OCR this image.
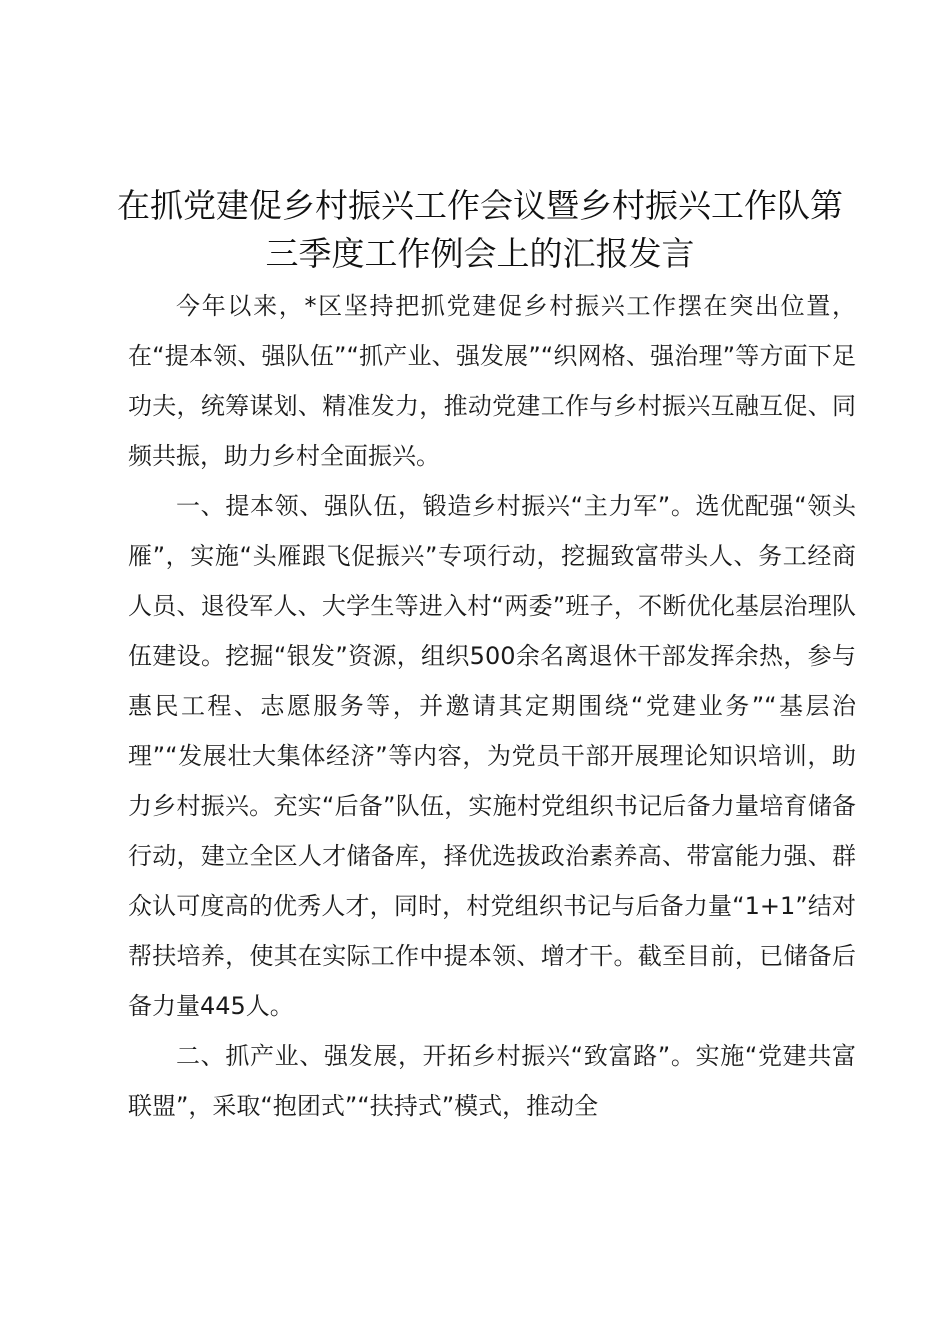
在抓党建促乡村振兴工作会议暨乡村振兴工作队第三季度工作例会上的汇报发言

今年以来，*区坚持把抓党建促乡村振兴工作摆在突出位置，在“提本领、强队伍”“抓产业、强发展”“织网格、强治理”等方面下足功夫，统筹谋划、精准发力，推动党建工作与乡村振兴互融互促、同频共振，助力乡村全面振兴。

一、提本领、强队伍，锻造乡村振兴“主力军”。选优配强“领头雁”，实施“头雁跟飞促振兴”专项行动，挖掘致富带头人、务工经商人员、退役军人、大学生等进入村“两委”班子，不断优化基层治理队伍建设。挖掘“银发”资源，组织500余名离退休干部发挥余热，参与惠民工程、志愿服务等，并邀请其定期围绕“党建业务”“基层治理”“发展壮大集体经济”等内容，为党员干部开展理论知识培训，助力乡村振兴。充实“后备”队伍，实施村党组织书记后备力量培育储备行动，建立全区人才储备库，择优选拔政治素养高、带富能力强、群众认可度高的优秀人才，同时，村党组织书记与后备力量“1+1”结对帮扶培养，使其在实际工作中提本领、增才干。截至目前，已储备后备力量445人。

二、抓产业、强发展，开拓乡村振兴“致富路”。实施“党建共富联盟”，采取“抱团式”“扶持式”模式，推动全
